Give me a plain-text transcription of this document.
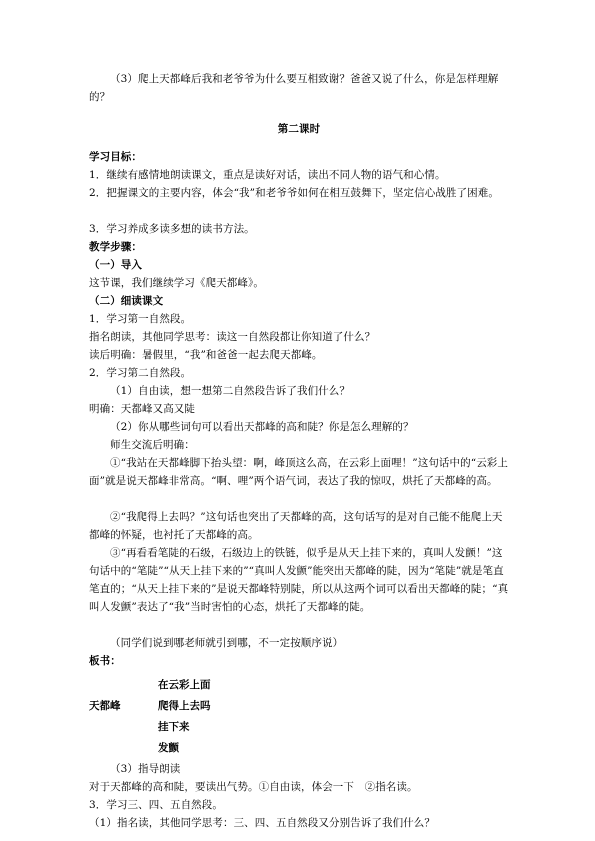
（3）爬上天都峰后我和老爷爷为什么要互相致谢？爸爸又说了什么，你是怎样理解的？

第二课时

学习目标：

1．继续有感情地朗读课文，重点是读好对话，读出不同人物的语气和心情。

2．把握课文的主要内容，体会“我”和老爷爷如何在相互鼓舞下，坚定信心战胜了困难。

3．学习养成多读多想的读书方法。

教学步骤：

（一）导入

这节课，我们继续学习《爬天都峰》。

（二）细读课文

1．学习第一自然段。

指名朗读，其他同学思考：读这一自然段都让你知道了什么？

读后明确：暑假里，“我”和爸爸一起去爬天都峰。

2．学习第二自然段。

（1）自由读，想一想第二自然段告诉了我们什么？

明确：天都峰又高又陡

（2）你从哪些词句可以看出天都峰的高和陡？你是怎么理解的？

师生交流后明确：

①“我站在天都峰脚下抬头望：啊，峰顶这么高，在云彩上面哩！”这句话中的“云彩上面”就是说天都峰非常高。“啊、哩”两个语气词，表达了我的惊叹，烘托了天都峰的高。

②“我爬得上去吗？”这句话也突出了天都峰的高，这句话写的是对自己能不能爬上天都峰的怀疑，也衬托了天都峰的高。

③“再看看笔陡的石级，石级边上的铁链，似乎是从天上挂下来的，真叫人发颤！”这句话中的“笔陡”“从天上挂下来的”“真叫人发颤”能突出天都峰的陡，因为“笔陡”就是笔直笔直的；“从天上挂下来的”是说天都峰特别陡，所以从这两个词可以看出天都峰的陡；“真叫人发颤”表达了“我”当时害怕的心态，烘托了天都峰的陡。

（同学们说到哪老师就引到哪，不一定按顺序说）

板书：

天都峰
在云彩上面
爬得上去吗
挂下来
发颤

（3）指导朗读

对于天都峰的高和陡，要读出气势。①自由读，体会一下　②指名读。

3．学习三、四、五自然段。

（1）指名读，其他同学思考：三、四、五自然段又分别告诉了我们什么？
